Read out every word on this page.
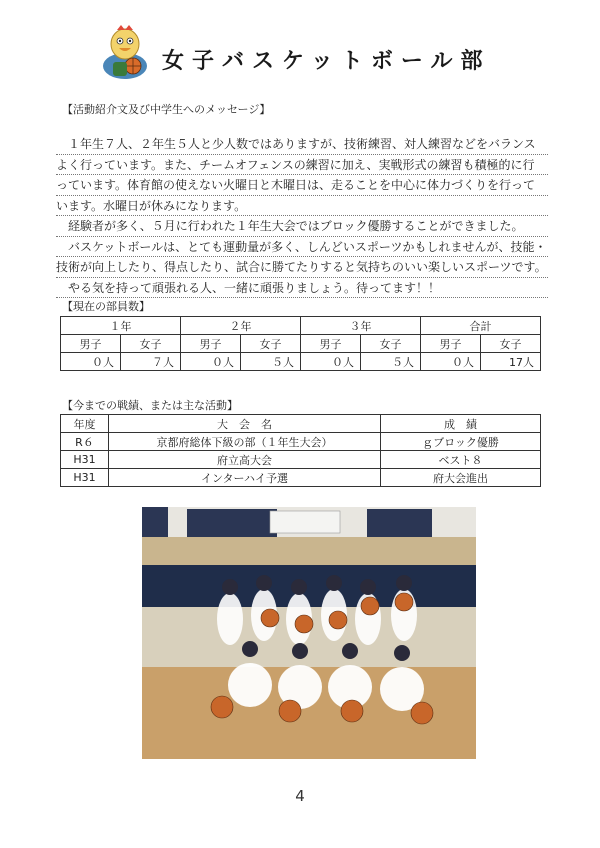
女子バスケットボール部
【活動紹介文及び中学生へのメッセージ】
　１年生７人、２年生５人と少人数ではありますが、技術練習、対人練習などをバランス
よく行っています。また、チームオフェンスの練習に加え、実戦形式の練習も積極的に行
っています。体育館の使えない火曜日と木曜日は、走ることを中心に体力づくりを行って
います。水曜日が休みになります。
　経験者が多く、５月に行われた１年生大会ではブロック優勝することができました。
　バスケットボールは、とても運動量が多く、しんどいスポーツかもしれませんが、技能・
技術が向上したり、得点したり、試合に勝てたりすると気持ちのいい楽しいスポーツです。
　やる気を持って頑張れる人、一緒に頑張りましょう。待ってます！！
【現在の部員数】
１年		２年		３年		合計	
男子	女子	男子	女子	男子	女子	男子	女子
０人	７人	０人	５人	０人	５人	０人	17人
【今までの戦績、または主な活動】
年度	大　会　名	成　績
R６	京都府総体下級の部（１年生大会）	ｇブロック優勝
H31	府立高大会	ベスト８
H31	インターハイ予選	府大会進出
4
